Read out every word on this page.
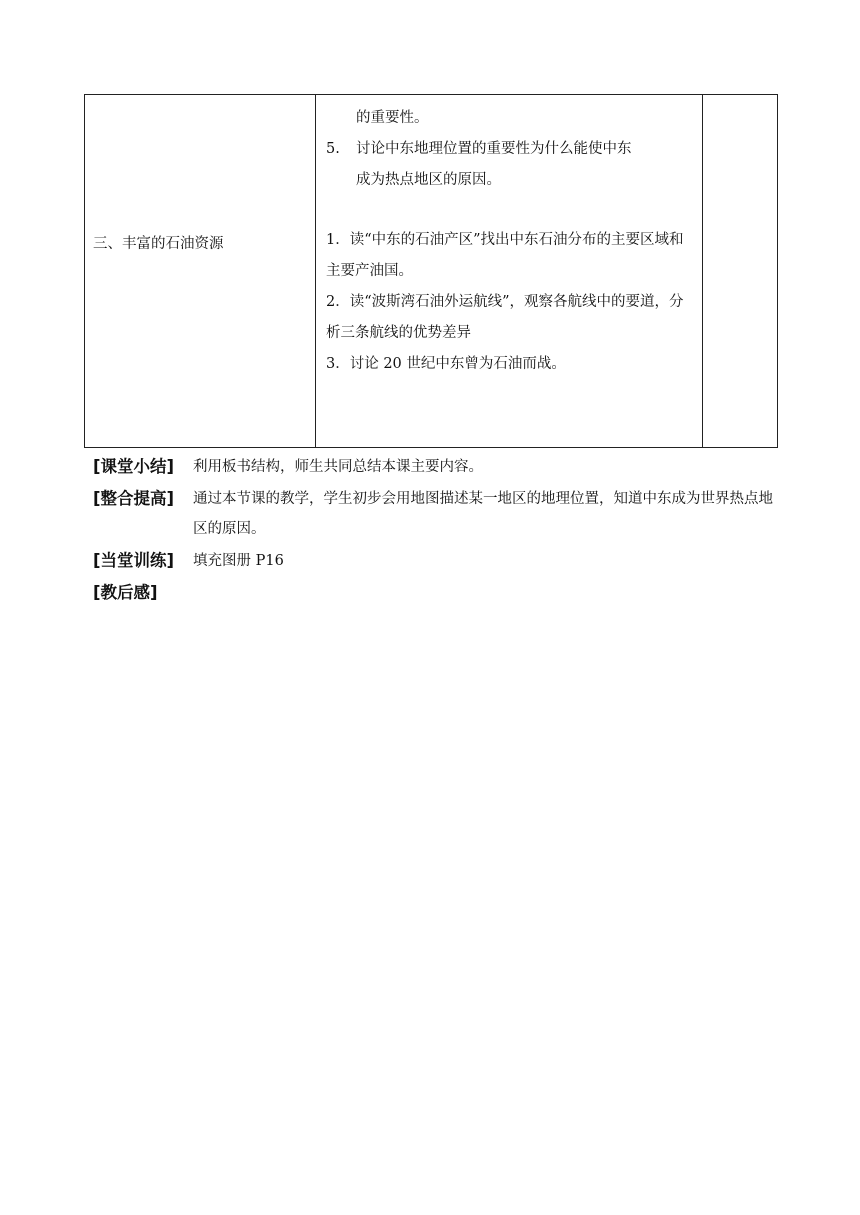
三、丰富的石油资源

的重要性。
5.	讨论中东地理位置的重要性为什么能使中东
成为热点地区的原因。
1．读“中东的石油产区”找出中东石油分布的主要区域和主要产油国。
2．读“波斯湾石油外运航线”，观察各航线中的要道，分析三条航线的优势差异
3．讨论 20 世纪中东曾为石油而战。

[课堂小结]	利用板书结构，师生共同总结本课主要内容。
[整合提高]	通过本节课的教学，学生初步会用地图描述某一地区的地理位置，知道中东成为世界热点地区的原因。
[当堂训练]	填充图册 P16
[教后感]
